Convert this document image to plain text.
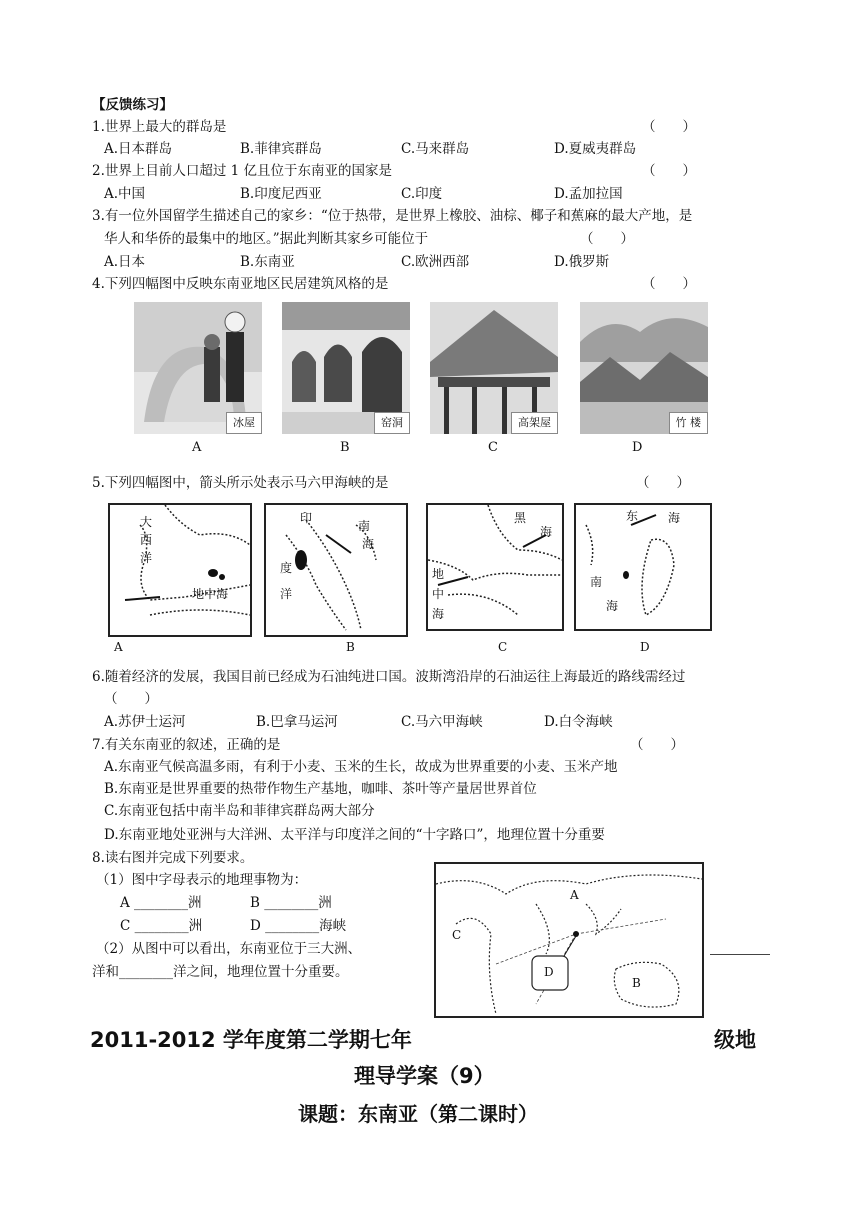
【反馈练习】
1.世界上最大的群岛是	（　　）
A.日本群岛	B.菲律宾群岛	C.马来群岛	D.夏威夷群岛
2.世界上目前人口超过 1 亿且位于东南亚的国家是	（　　）
A.中国	B.印度尼西亚	C.印度	D.孟加拉国
3.有一位外国留学生描述自己的家乡：“位于热带，是世界上橡胶、油棕、椰子和蕉麻的最大产地，是
华人和华侨的最集中的地区。”据此判断其家乡可能位于	（　　）
A.日本	B.东南亚	C.欧洲西部	D.俄罗斯
4.下列四幅图中反映东南亚地区民居建筑风格的是	（　　）
冰屋
A
窑洞
B
高架屋
C
竹 楼
D
5.下列四幅图中，箭头所示处表示马六甲海峡的是	（　　）
大
西
洋
地中海
A
印
度
洋
南
海
B
黑
海
地
中
海
C
东 海
南
海
D
6.随着经济的发展，我国目前已经成为石油纯进口国。波斯湾沿岸的石油运往上海最近的路线需经过
（　　）
A.苏伊士运河	B.巴拿马运河	C.马六甲海峡	D.白令海峡
7.有关东南亚的叙述，正确的是	（　　）
A.东南亚气候高温多雨，有利于小麦、玉米的生长，故成为世界重要的小麦、玉米产地
B.东南亚是世界重要的热带作物生产基地，咖啡、茶叶等产量居世界首位
C.东南亚包括中南半岛和菲律宾群岛两大部分
D.东南亚地处亚洲与大洋洲、太平洋与印度洋之间的“十字路口”，地理位置十分重要
8.读右图并完成下列要求。
（1）图中字母表示的地理事物为：
A ________洲	B ________洲
C ________洲	D ________海峡
（2）从图中可以看出，东南亚位于三大洲、
洋和________洋之间，地理位置十分重要。
A
B
C
D
2011-2012 学年度第二学期七年	级地
理导学案（9）
课题：东南亚（第二课时）
